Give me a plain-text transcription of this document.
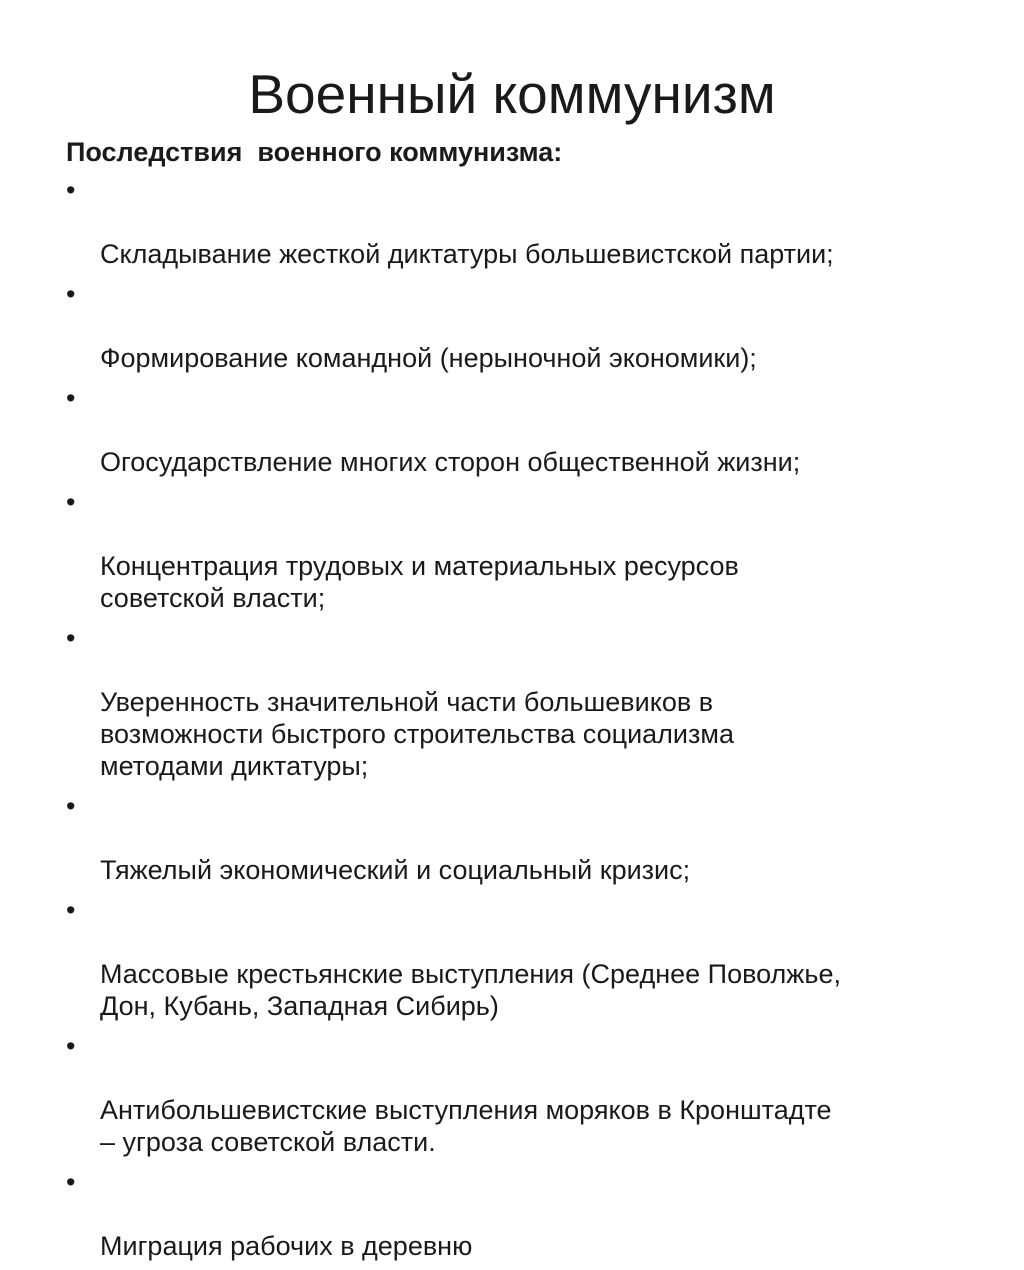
Военный коммунизм
Последствия  военного коммунизма:

•

Складывание жесткой диктатуры большевистской партии;

•

Формирование командной (нерыночной экономики);

•

Огосударствление многих сторон общественной жизни;

•

Концентрация трудовых и материальных ресурсов
советской власти;

•

Уверенность значительной части большевиков в
возможности быстрого строительства социализма
методами диктатуры;

•

Тяжелый экономический и социальный кризис;

•

Массовые крестьянские выступления (Среднее Поволжье,
Дон, Кубань, Западная Сибирь)

•

Антибольшевистские выступления моряков в Кронштадте
– угроза советской власти.

•

Миграция рабочих в деревню
